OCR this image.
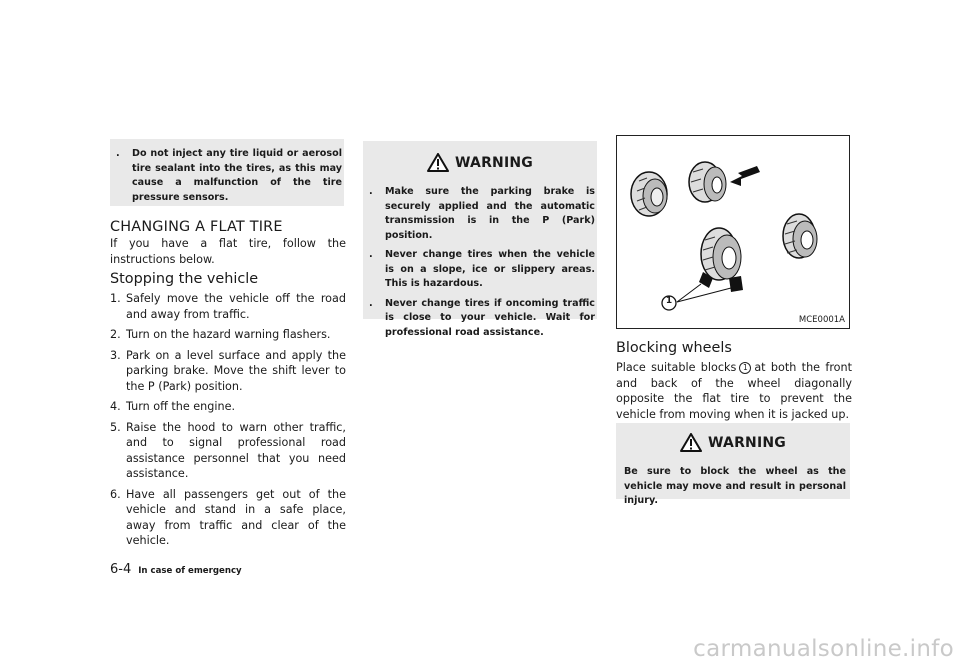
.	Do not inject any tire liquid or aerosol tire sealant into the tires, as this may cause a malfunction of the tire pressure sensors.
CHANGING A FLAT TIRE
If you have a flat tire, follow the instructions below.
Stopping the vehicle
1. Safely move the vehicle off the road and away from traffic.
2. Turn on the hazard warning flashers.
3. Park on a level surface and apply the parking brake. Move the shift lever to the P (Park) position.
4. Turn off the engine.
5. Raise the hood to warn other traffic, and to signal professional road assistance personnel that you need assistance.
6. Have all passengers get out of the vehicle and stand in a safe place, away from traffic and clear of the vehicle.
WARNING
.	Make sure the parking brake is securely applied and the automatic transmission is in the P (Park) position.
.	Never change tires when the vehicle is on a slope, ice or slippery areas. This is hazardous.
.	Never change tires if oncoming traffic is close to your vehicle. Wait for professional road assistance.
1
MCE0001A
Blocking wheels
Place suitable blocks 1 at both the front and back of the wheel diagonally opposite the flat tire to prevent the vehicle from moving when it is jacked up.
WARNING
Be sure to block the wheel as the vehicle may move and result in personal injury.
6-4 In case of emergency
carmanualsonline.info
